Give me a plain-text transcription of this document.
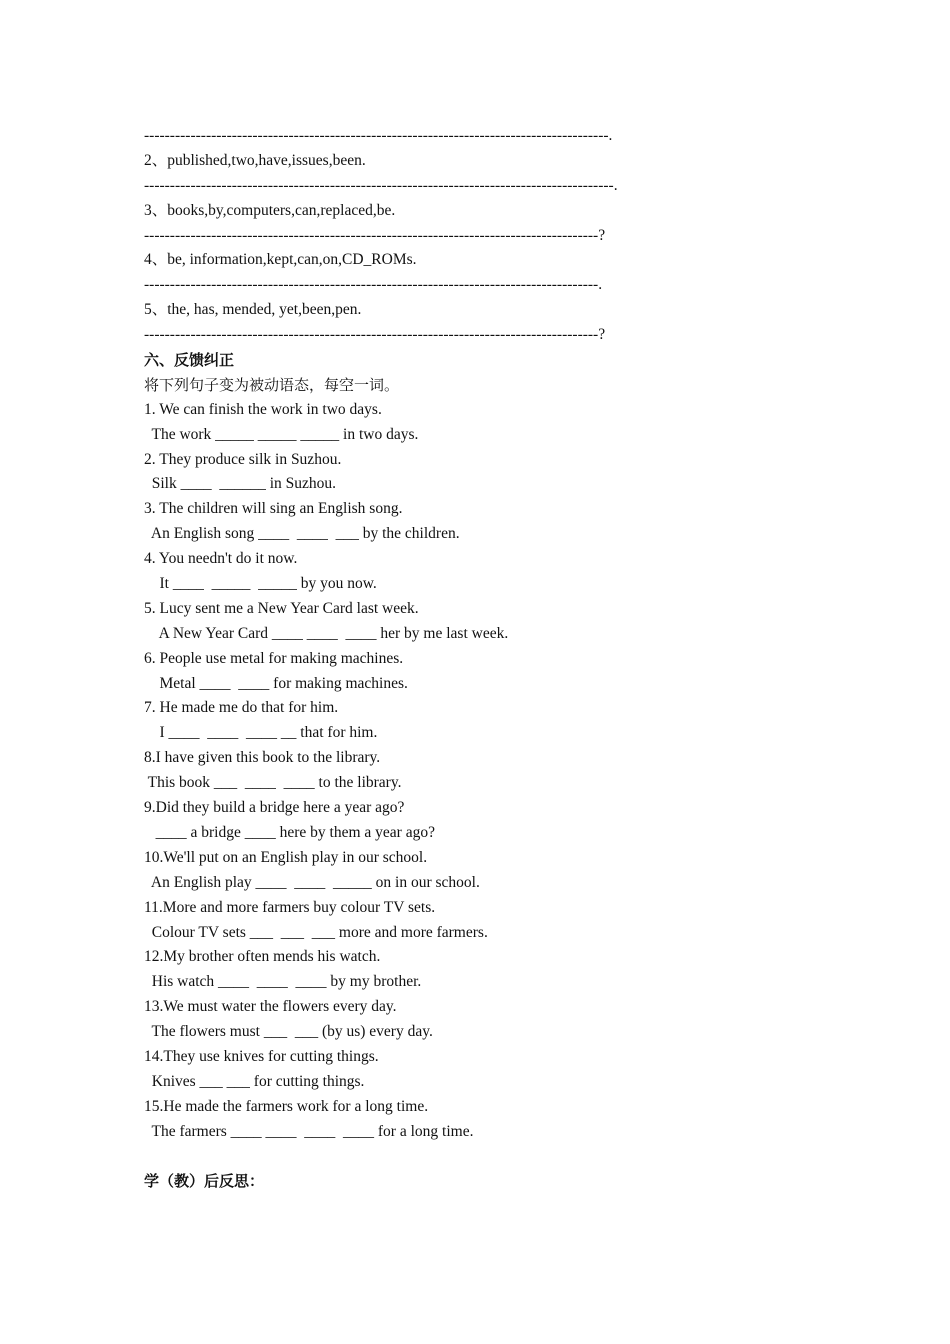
------------------------------------------------------------------------------------------.
2、published,two,have,issues,been.
-------------------------------------------------------------------------------------------.
3、books,by,computers,can,replaced,be.
----------------------------------------------------------------------------------------?
4、be, information,kept,can,on,CD_ROMs.
----------------------------------------------------------------------------------------.
5、the, has, mended, yet,been,pen.
----------------------------------------------------------------------------------------?
六、反馈纠正
将下列句子变为被动语态，每空一词。
1. We can finish the work in two days.
The work _____ _____ _____ in two days.
2. They produce silk in Suzhou.
Silk ____  ______ in Suzhou.
3. The children will sing an English song.
An English song ____  ____  ___ by the children.
4. You needn't do it now.
It ____  _____  _____ by you now.
5. Lucy sent me a New Year Card last week.
A New Year Card ____ ____  ____ her by me last week.
6. People use metal for making machines.
Metal ____  ____ for making machines.
7. He made me do that for him.
I ____  ____  ____ __ that for him.
8.I have given this book to the library.
This book ___  ____  ____ to the library.
9.Did they build a bridge here a year ago?
____ a bridge ____ here by them a year ago?
10.We'll put on an English play in our school.
An English play ____  ____  _____ on in our school.
11.More and more farmers buy colour TV sets.
Colour TV sets ___  ___  ___ more and more farmers.
12.My brother often mends his watch.
His watch ____  ____  ____ by my brother.
13.We must water the flowers every day.
The flowers must ___  ___ (by us) every day.
14.They use knives for cutting things.
Knives ___ ___ for cutting things.
15.He made the farmers work for a long time.
The farmers ____ ____  ____  ____ for a long time.
学（教）后反思：
